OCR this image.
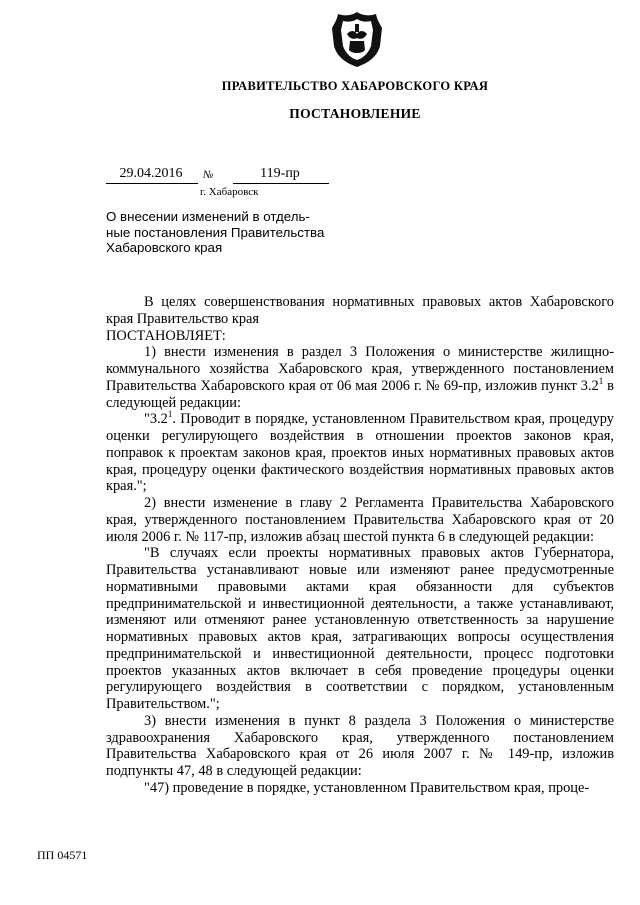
ПРАВИТЕЛЬСТВО ХАБАРОВСКОГО КРАЯ
ПОСТАНОВЛЕНИЕ
29.04.2016	№	119-пр
г. Хабаровск
О внесении изменений в отдель-
ные постановления Правительства
Хабаровского края

В целях совершенствования нормативных правовых актов Хабаровского края Правительство края

ПОСТАНОВЛЯЕТ:

1) внести изменения в раздел 3 Положения о министерстве жилищно-коммунального хозяйства Хабаровского края, утвержденного постановлением Правительства Хабаровского края от 06 мая 2006 г. № 69-пр, изложив пункт $3.2^1$ в следующей редакции:

"$3.2^1$. Проводит в порядке, установленном Правительством края, процедуру оценки регулирующего воздействия в отношении проектов законов края, поправок к проектам законов края, проектов иных нормативных правовых актов края, процедуру оценки фактического воздействия нормативных правовых актов края.";

2) внести изменение в главу 2 Регламента Правительства Хабаровского края, утвержденного постановлением Правительства Хабаровского края от 20 июля 2006 г. № 117-пр, изложив абзац шестой пункта 6 в следующей редакции:

"В случаях если проекты нормативных правовых актов Губернатора, Правительства устанавливают новые или изменяют ранее предусмотренные нормативными правовыми актами края обязанности для субъектов предпринимательской и инвестиционной деятельности, а также устанавливают, изменяют или отменяют ранее установленную ответственность за нарушение нормативных правовых актов края, затрагивающих вопросы осуществления предпринимательской и инвестиционной деятельности, процесс подготовки проектов указанных актов включает в себя проведение процедуры оценки регулирующего воздействия в соответствии с порядком, установленным Правительством.";

3) внести изменения в пункт 8 раздела 3 Положения о министерстве здравоохранения Хабаровского края, утвержденного постановлением Правительства Хабаровского края от 26 июля 2007 г. № 149-пр, изложив подпункты 47, 48 в следующей редакции:

"47) проведение в порядке, установленном Правительством края, проце-

ПП 04571
